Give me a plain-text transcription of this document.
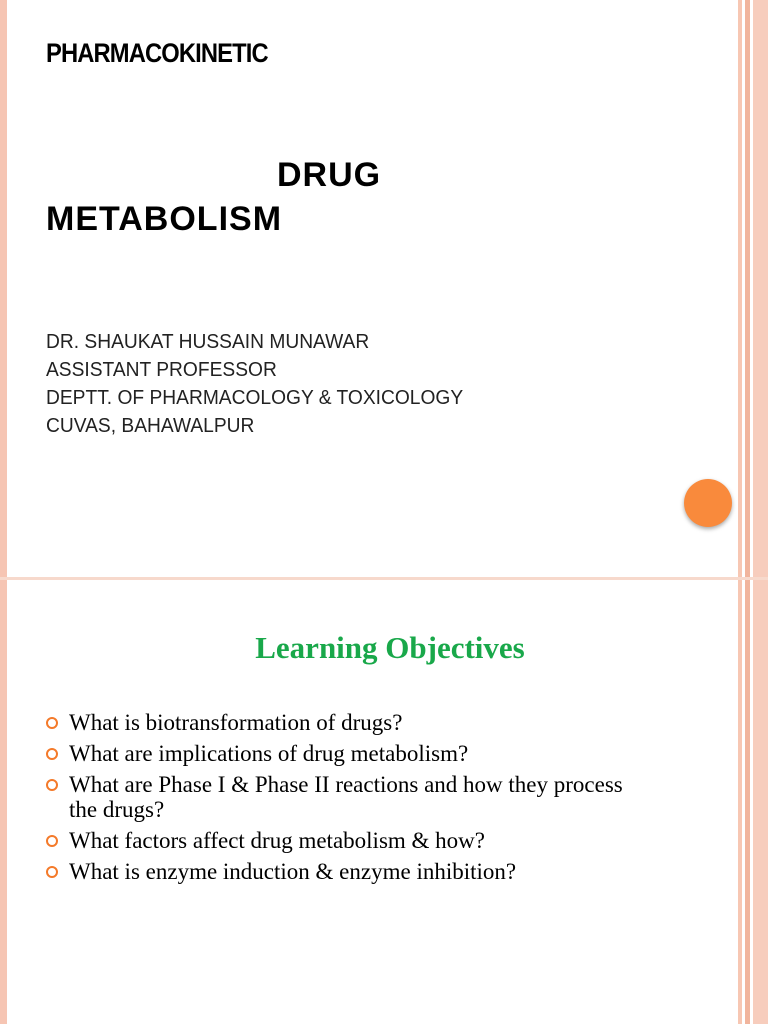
PHARMACOKINETIC
DRUG
METABOLISM
DR. SHAUKAT HUSSAIN MUNAWAR
ASSISTANT PROFESSOR
DEPTT. OF PHARMACOLOGY & TOXICOLOGY
CUVAS, BAHAWALPUR
Learning Objectives
What is biotransformation of drugs?
What are implications of drug metabolism?
What are Phase I & Phase II reactions and how they process the drugs?
What factors affect drug metabolism & how?
What is enzyme induction & enzyme inhibition?
